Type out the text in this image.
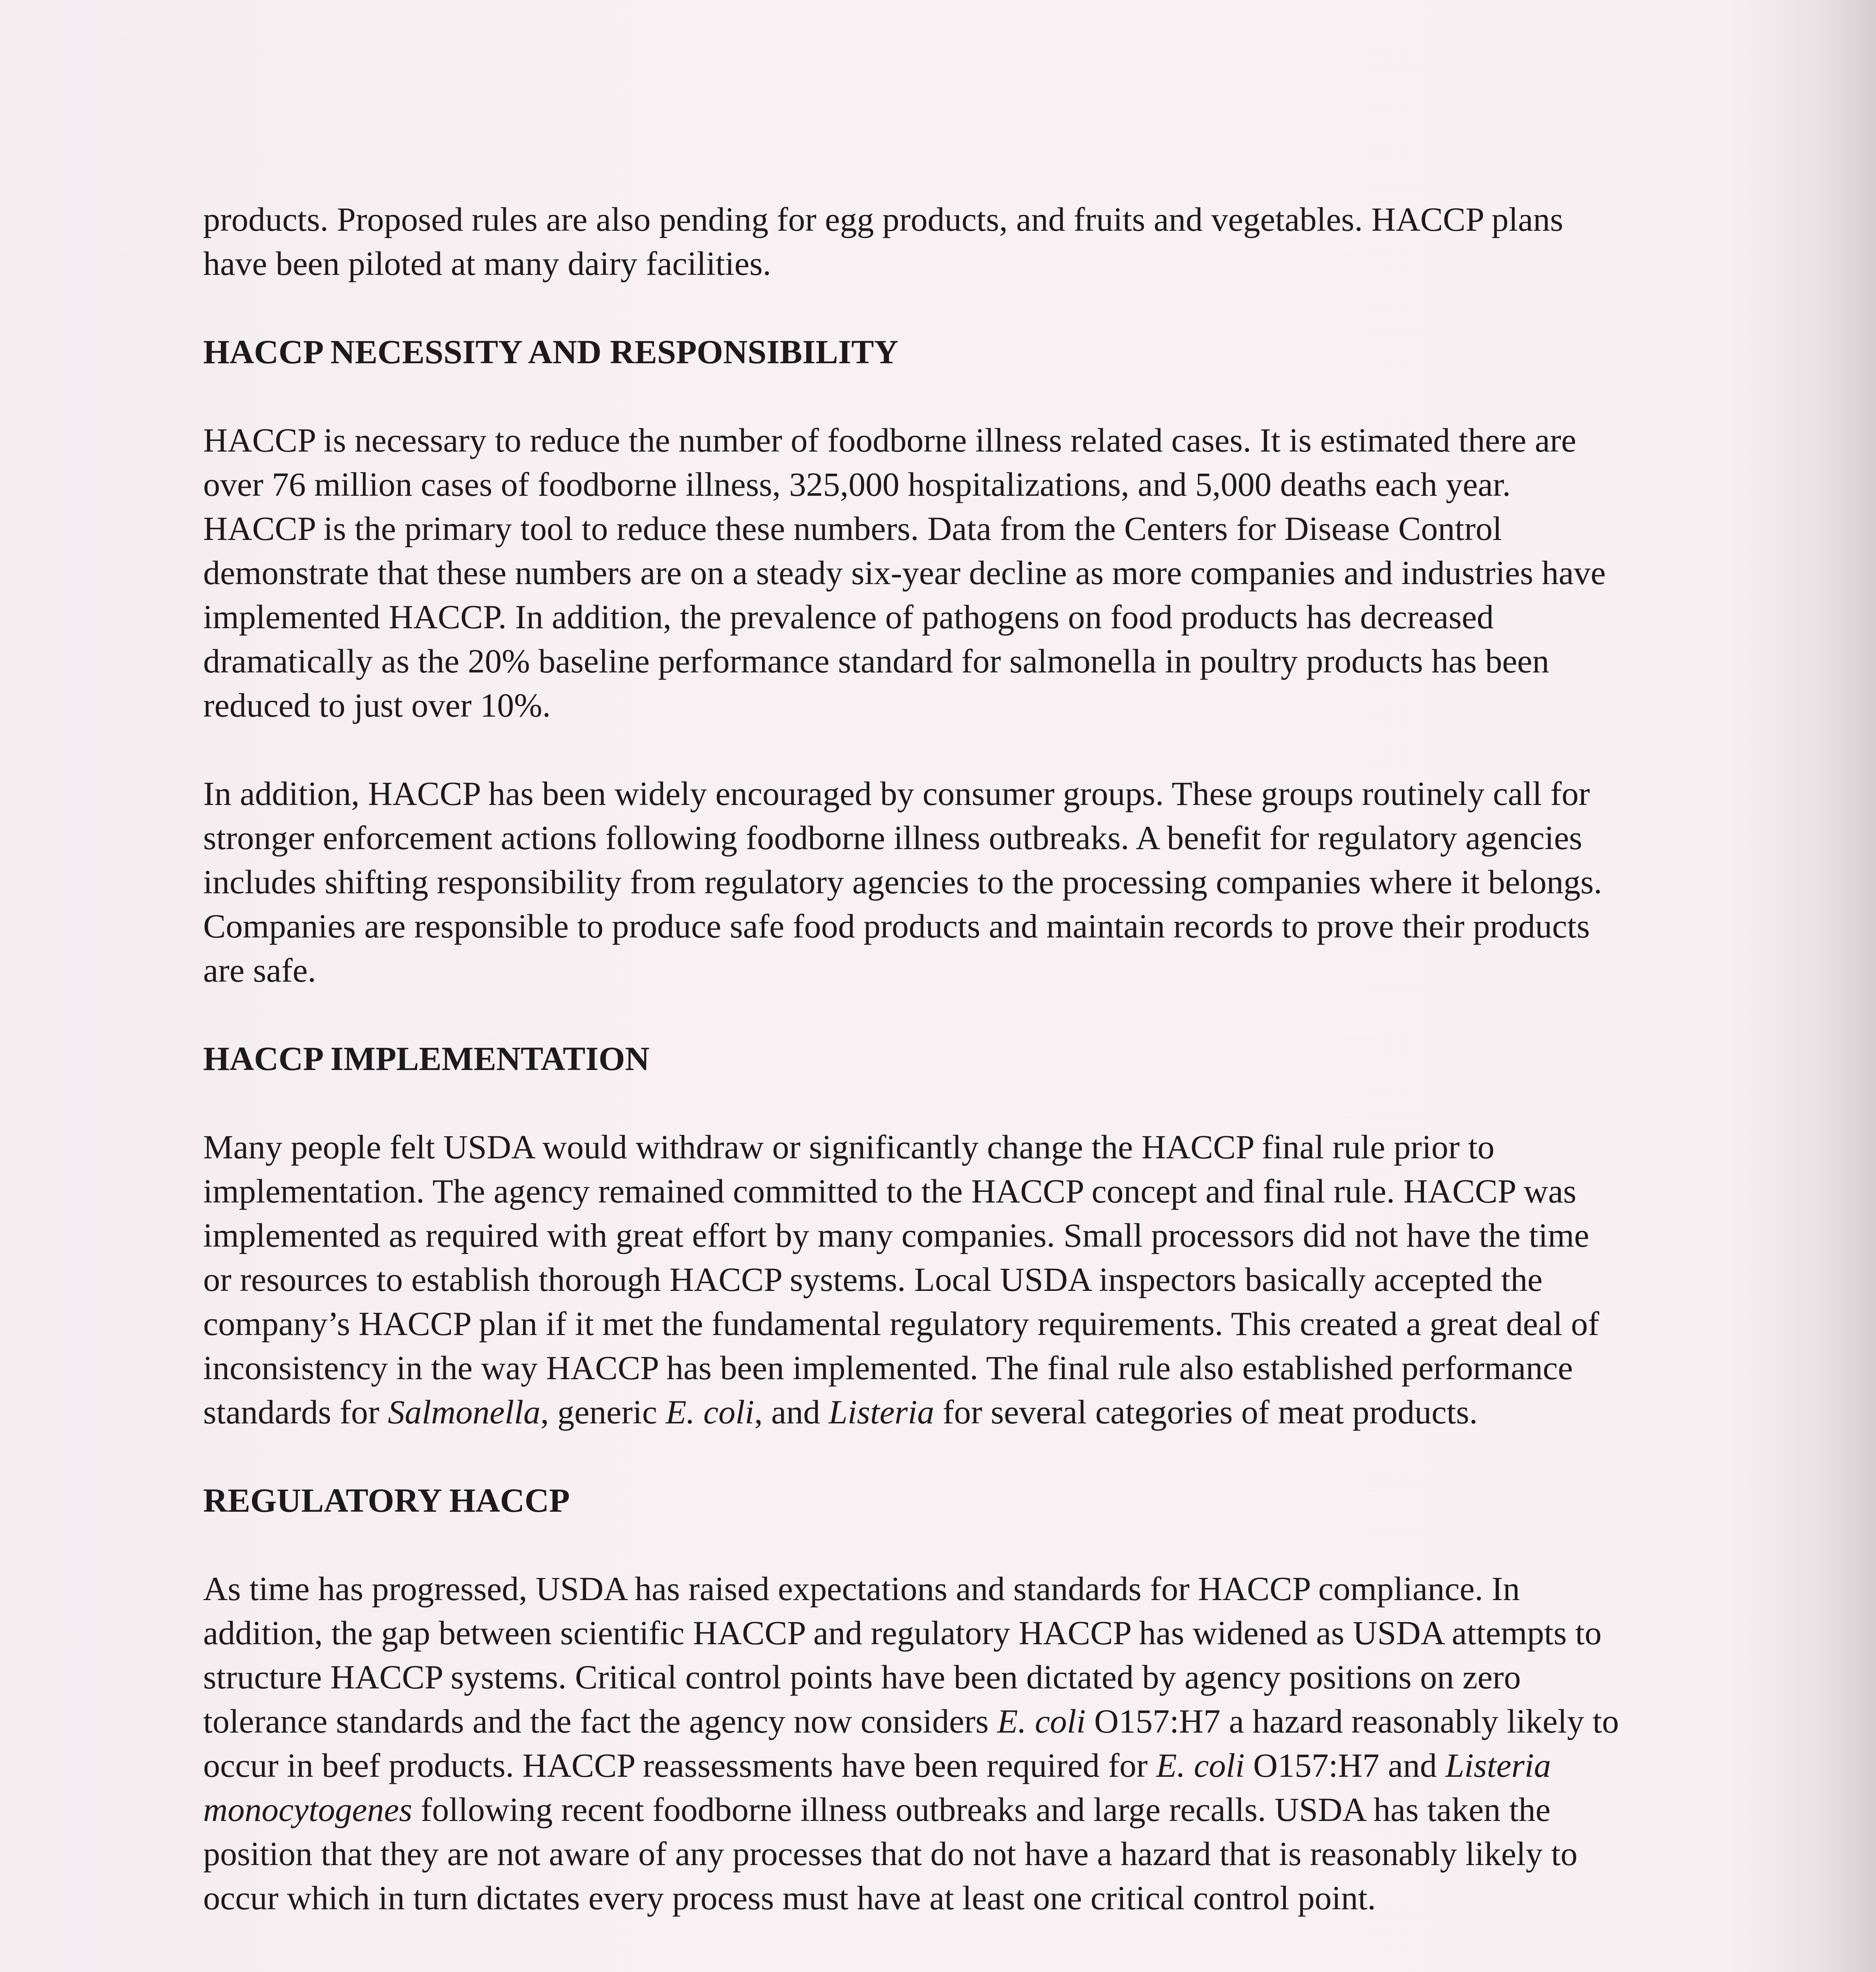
products. Proposed rules are also pending for egg products, and fruits and vegetables. HACCP plans have been piloted at many dairy facilities.

HACCP NECESSITY AND RESPONSIBILITY

HACCP is necessary to reduce the number of foodborne illness related cases. It is estimated there are over 76 million cases of foodborne illness, 325,000 hospitalizations, and 5,000 deaths each year. HACCP is the primary tool to reduce these numbers. Data from the Centers for Disease Control demonstrate that these numbers are on a steady six-year decline as more companies and industries have implemented HACCP. In addition, the prevalence of pathogens on food products has decreased dramatically as the 20% baseline performance standard for salmonella in poultry products has been reduced to just over 10%.

In addition, HACCP has been widely encouraged by consumer groups. These groups routinely call for stronger enforcement actions following foodborne illness outbreaks. A benefit for regulatory agencies includes shifting responsibility from regulatory agencies to the processing companies where it belongs. Companies are responsible to produce safe food products and maintain records to prove their products are safe.

HACCP IMPLEMENTATION

Many people felt USDA would withdraw or significantly change the HACCP final rule prior to implementation. The agency remained committed to the HACCP concept and final rule. HACCP was implemented as required with great effort by many companies. Small processors did not have the time or resources to establish thorough HACCP systems. Local USDA inspectors basically accepted the company’s HACCP plan if it met the fundamental regulatory requirements. This created a great deal of inconsistency in the way HACCP has been implemented. The final rule also established performance standards for Salmonella, generic E. coli, and Listeria for several categories of meat products.

REGULATORY HACCP

As time has progressed, USDA has raised expectations and standards for HACCP compliance. In addition, the gap between scientific HACCP and regulatory HACCP has widened as USDA attempts to structure HACCP systems. Critical control points have been dictated by agency positions on zero tolerance standards and the fact the agency now considers E. coli O157:H7 a hazard reasonably likely to occur in beef products. HACCP reassessments have been required for E. coli O157:H7 and Listeria monocytogenes following recent foodborne illness outbreaks and large recalls. USDA has taken the position that they are not aware of any processes that do not have a hazard that is reasonably likely to occur which in turn dictates every process must have at least one critical control point.
